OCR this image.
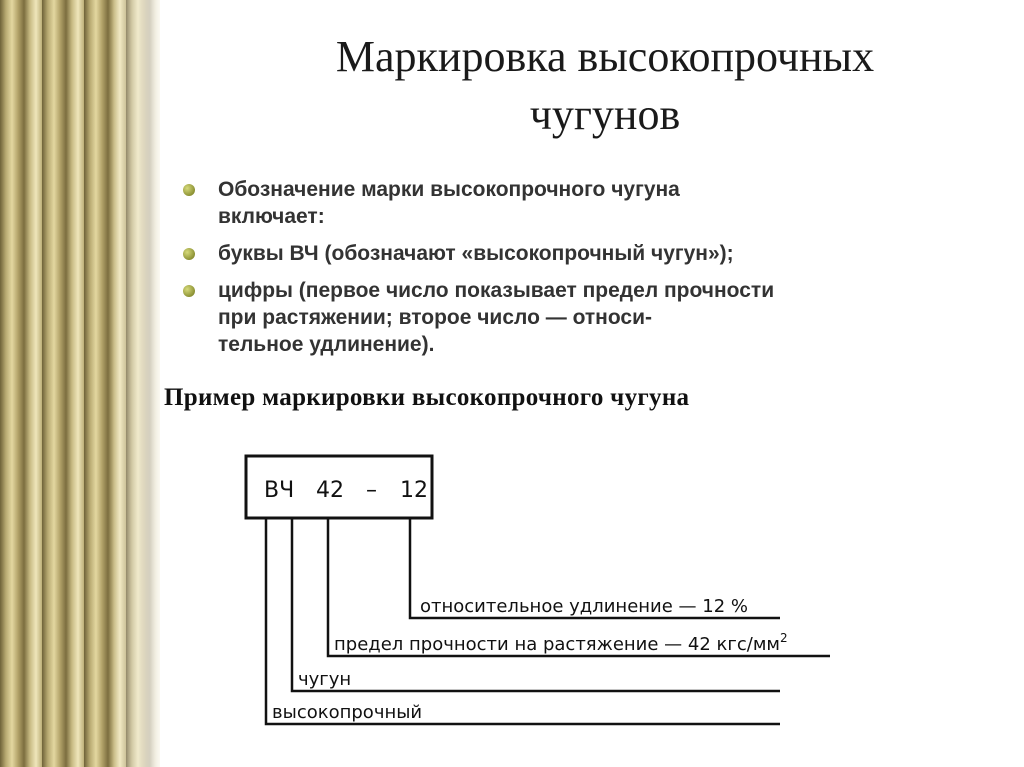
Маркировка высокопрочных
чугунов
Обозначение марки высокопрочного чугуна
включает:
буквы ВЧ (обозначают «высокопрочный чугун»);
цифры (первое число показывает предел прочности
при растяжении; второе число — относи-
тельное удлинение).
Пример маркировки высокопрочного чугуна
ВЧ 42 – 12
относительное удлинение — 12 %
предел прочности на растяжение — 42 кгс/$мм^2$
чугун
высокопрочный
